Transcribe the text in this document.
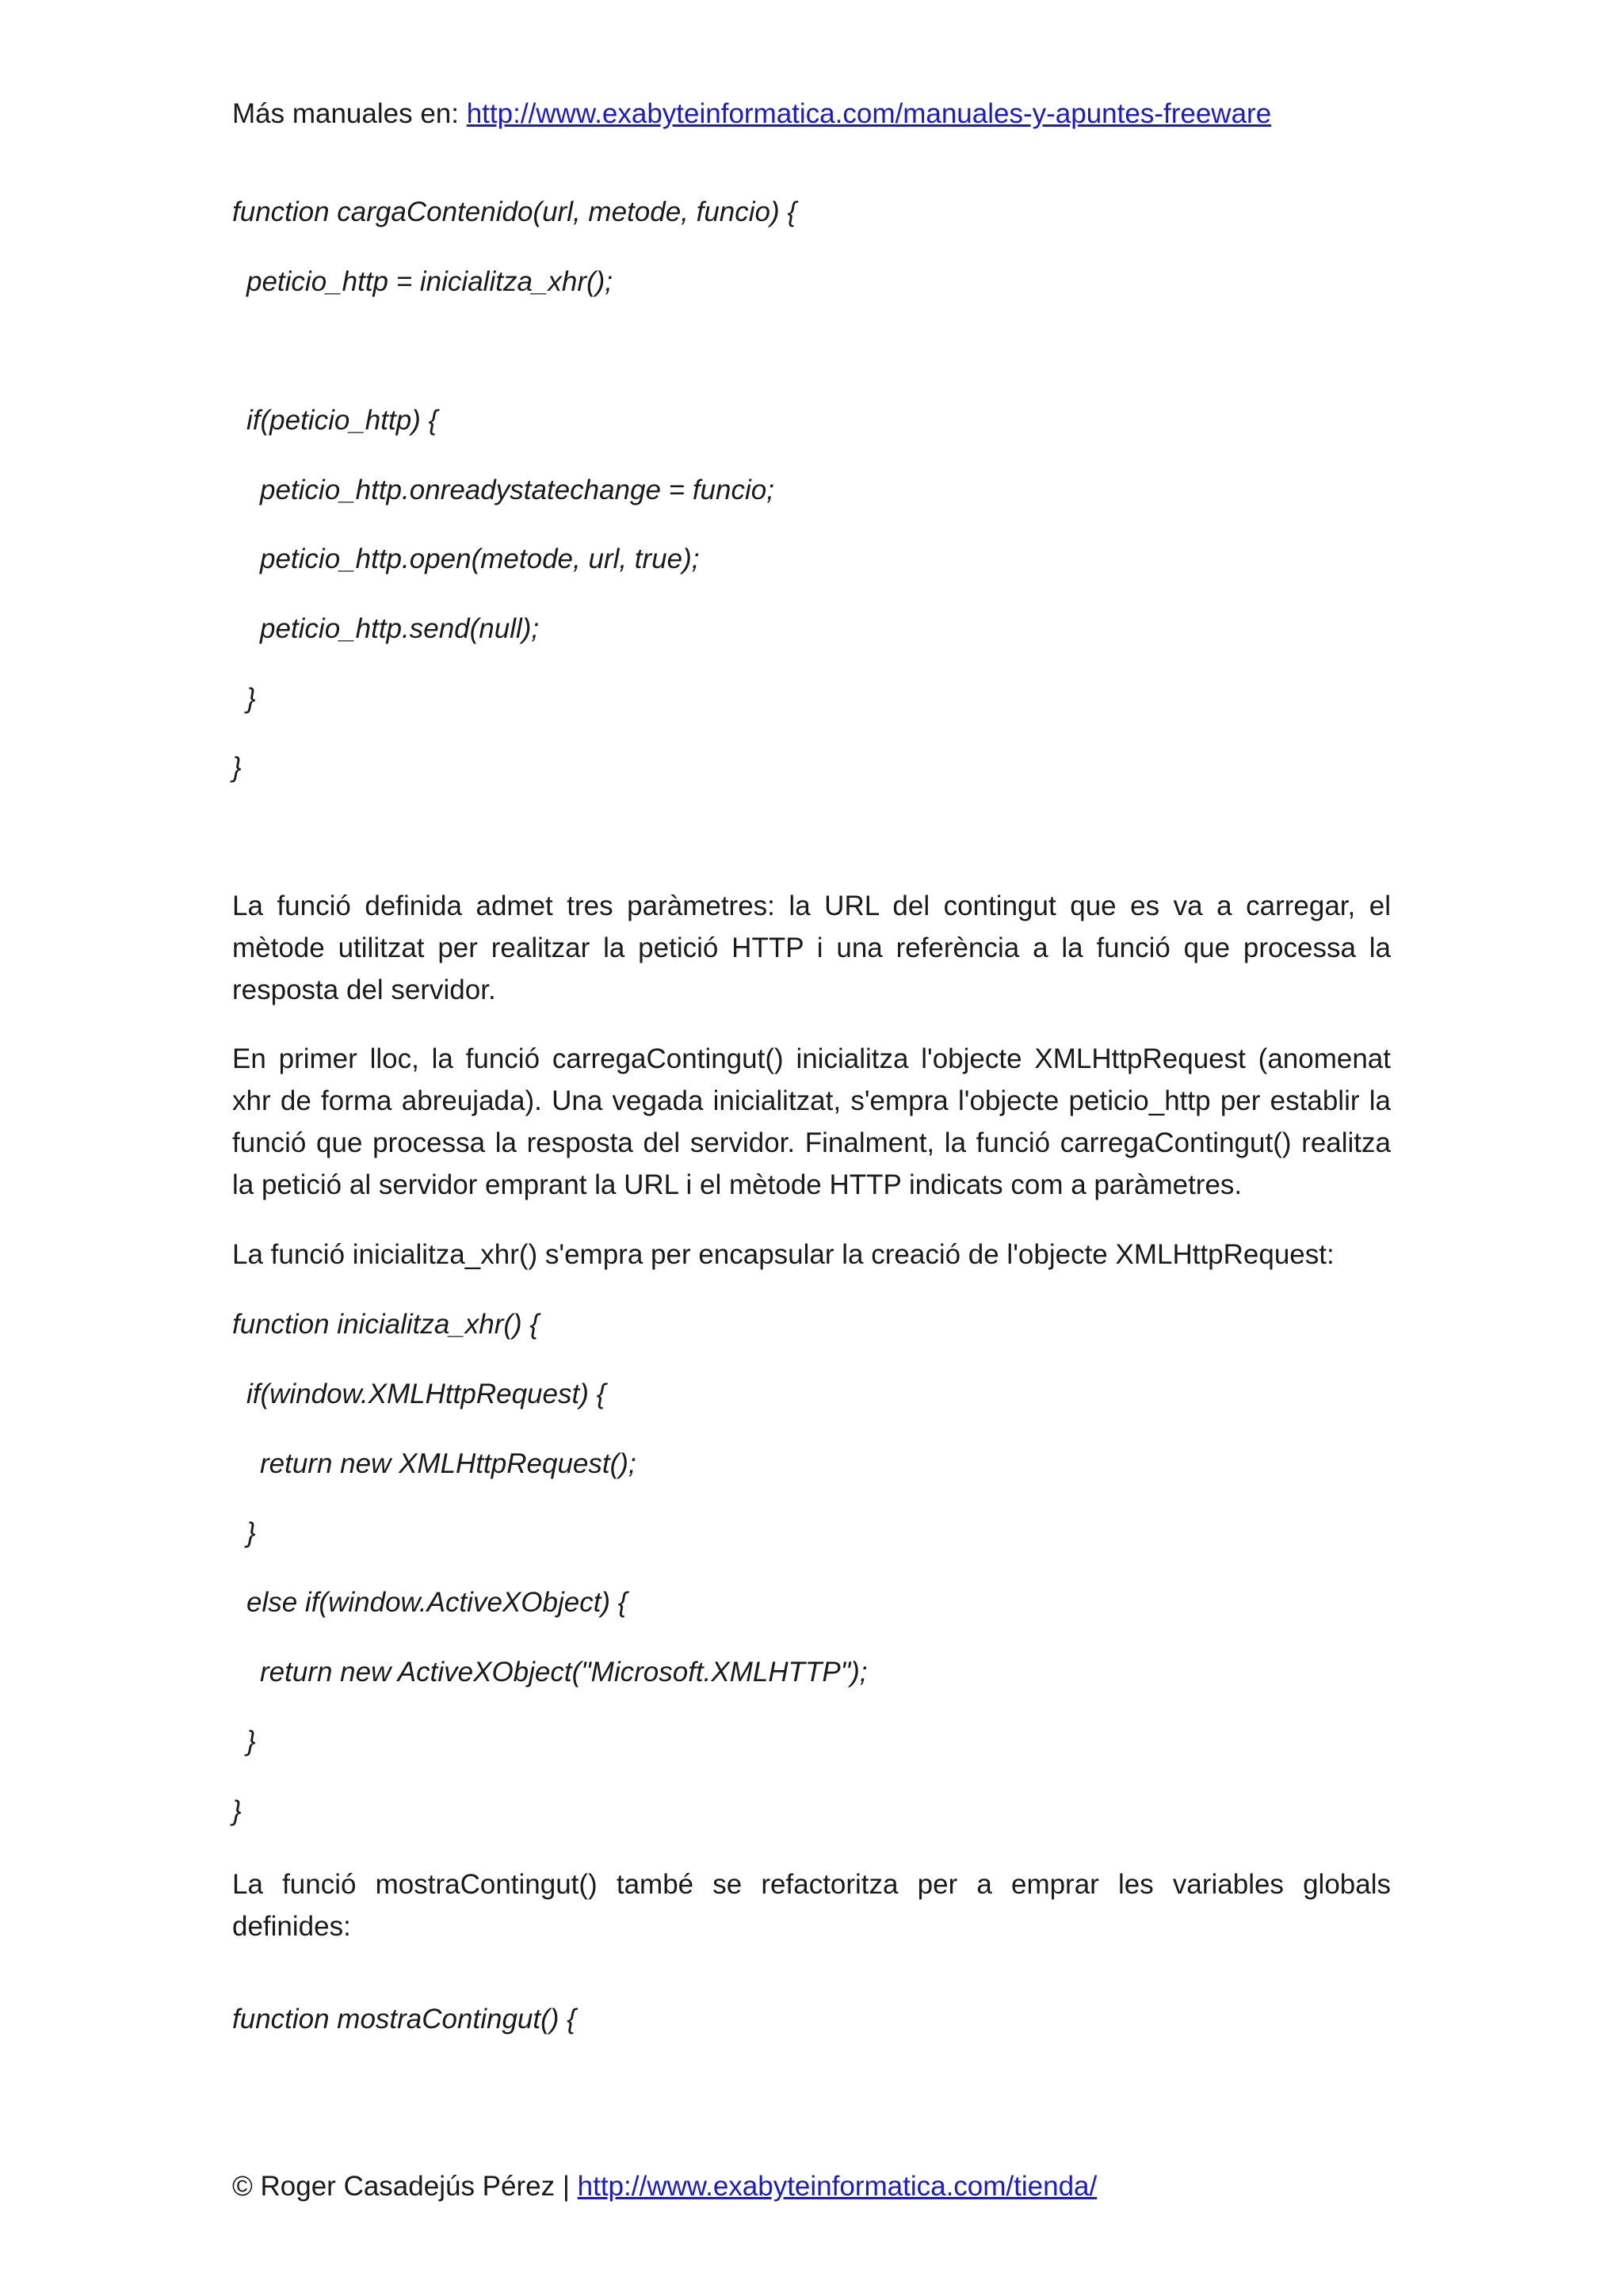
Más manuales en: http://www.exabyteinformatica.com/manuales-y-apuntes-freeware
function cargaContenido(url, metode, funcio) {
peticio_http = inicialitza_xhr();
if(peticio_http) {
peticio_http.onreadystatechange = funcio;
peticio_http.open(metode, url, true);
peticio_http.send(null);
}
}

La funció definida admet tres paràmetres: la URL del contingut que es va a carregar, el mètode utilitzat per realitzar la petició HTTP i una referència a la funció que processa la resposta del servidor.

En primer lloc, la funció carregaContingut() inicialitza l'objecte XMLHttpRequest (anomenat xhr de forma abreujada). Una vegada inicialitzat, s'empra l'objecte peticio_http per establir la funció que processa la resposta del servidor. Finalment, la funció carregaContingut() realitza la petició al servidor emprant la URL i el mètode HTTP indicats com a paràmetres.

La funció inicialitza_xhr() s'empra per encapsular la creació de l'objecte XMLHttpRequest:

function inicialitza_xhr() {
if(window.XMLHttpRequest) {
return new XMLHttpRequest();
}
else if(window.ActiveXObject) {
return new ActiveXObject("Microsoft.XMLHTTP");
}
}

La funció mostraContingut() també se refactoritza per a emprar les variables globals definides:

function mostraContingut() {
© Roger Casadejús Pérez | http://www.exabyteinformatica.com/tienda/
